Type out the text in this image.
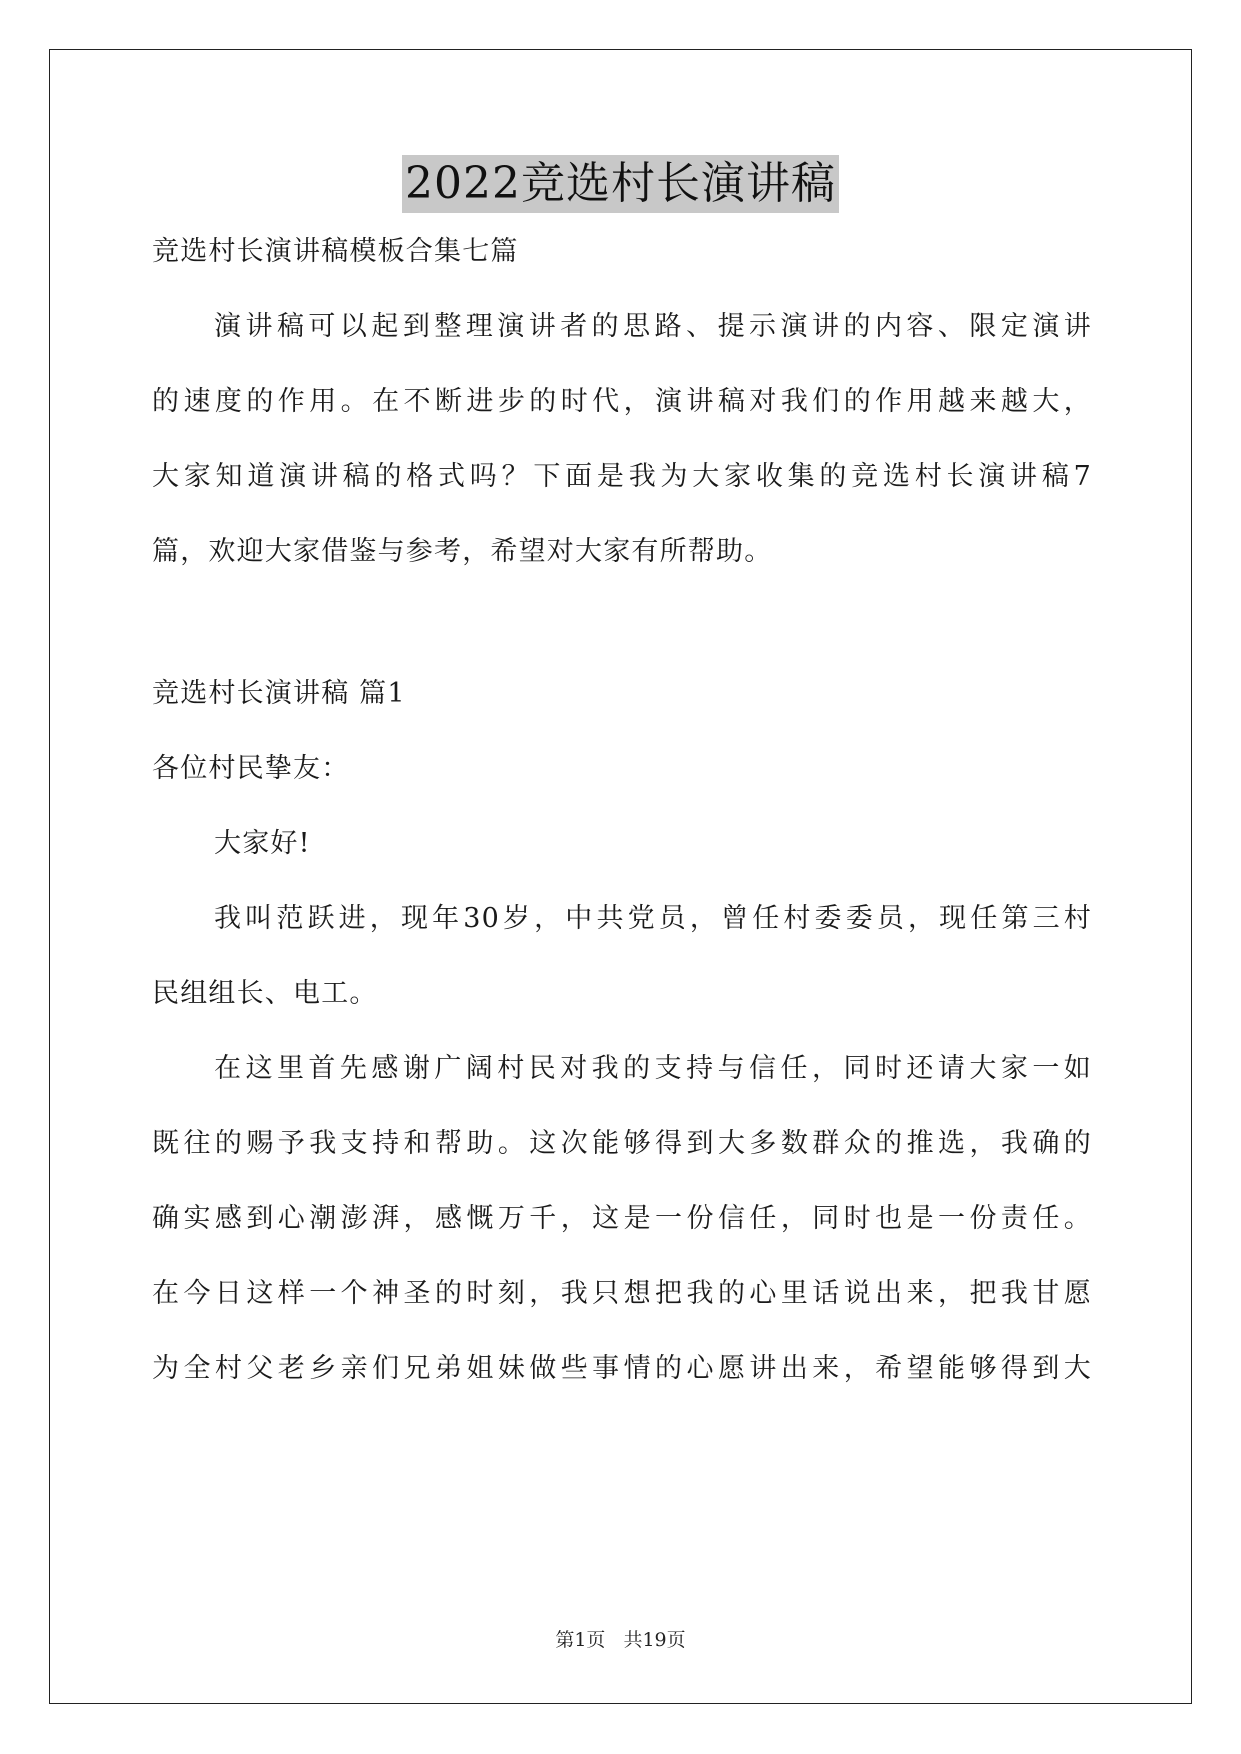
2022竞选村长演讲稿
竞选村长演讲稿模板合集七篇
演讲稿可以起到整理演讲者的思路、提示演讲的内容、限定演讲
的速度的作用。在不断进步的时代，演讲稿对我们的作用越来越大，
大家知道演讲稿的格式吗？下面是我为大家收集的竞选村长演讲稿7
篇，欢迎大家借鉴与参考，希望对大家有所帮助。
竞选村长演讲稿 篇1
各位村民挚友：
大家好!
我叫范跃进，现年30岁，中共党员，曾任村委委员，现任第三村
民组组长、电工。
在这里首先感谢广阔村民对我的支持与信任，同时还请大家一如
既往的赐予我支持和帮助。这次能够得到大多数群众的推选，我确的
确实感到心潮澎湃，感慨万千，这是一份信任，同时也是一份责任。
在今日这样一个神圣的时刻，我只想把我的心里话说出来，把我甘愿
为全村父老乡亲们兄弟姐妹做些事情的心愿讲出来，希望能够得到大
第1页 共19页
